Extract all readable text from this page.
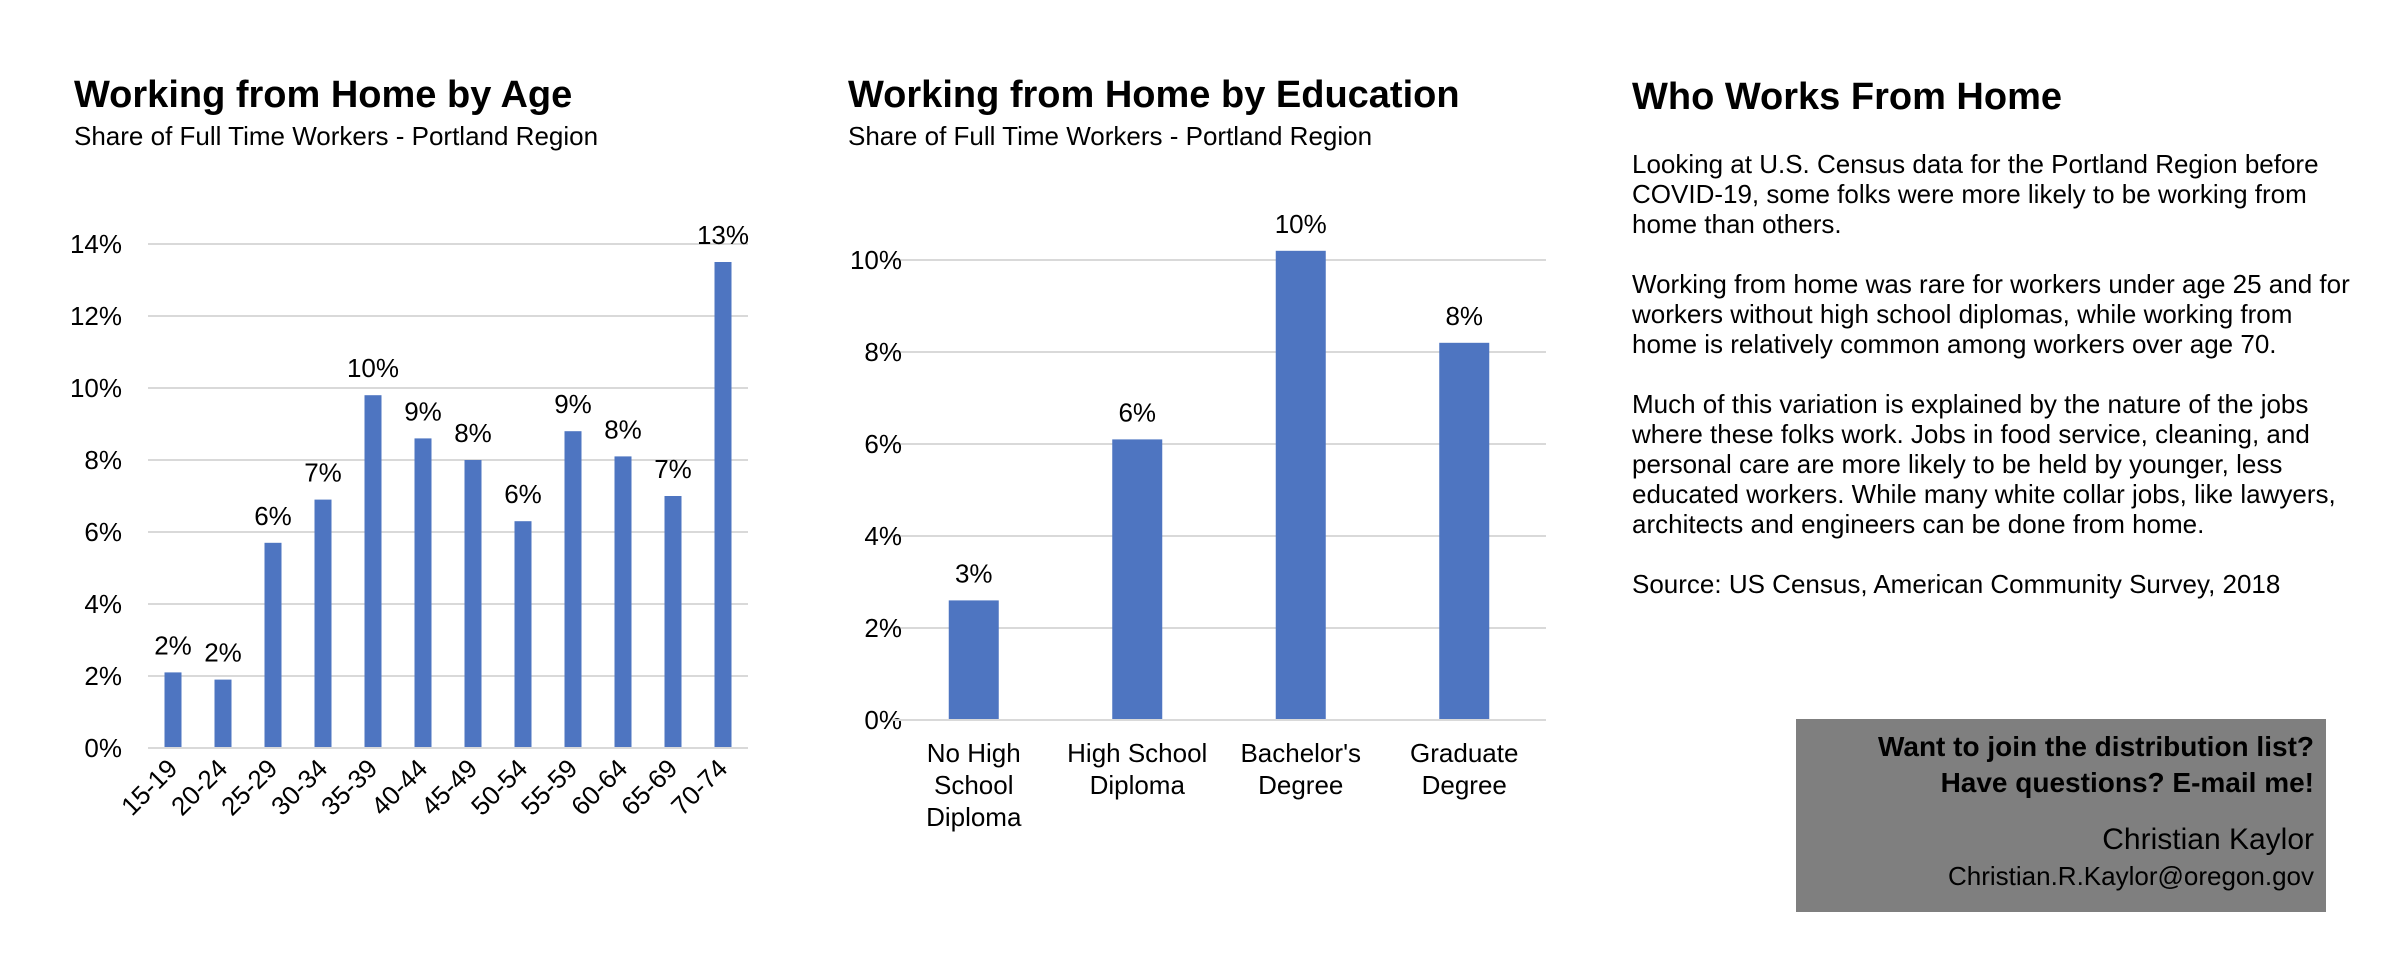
Working from Home by Age

Share of Full Time Workers - Portland Region

Working from Home by Education

Share of Full Time Workers - Portland Region

0%
2%
4%
6%
8%
10%
12%
14%
2%
15-19
2%
20-24
6%
25-29
7%
30-34
10%
35-39
9%
40-44
8%
45-49
6%
50-54
9%
55-59
8%
60-64
7%
65-69
13%
70-74
0%
2%
4%
6%
8%
10%
3%
No High School Diploma
6%
High School Diploma
10%
Bachelor's Degree
8%
Graduate Degree
Who Works From Home

Looking at U.S. Census data for the Portland Region before COVID-19, some folks were more likely to be working from home than others.

Working from home was rare for workers under age 25 and for workers without high school diplomas, while working from home is relatively common among workers over age 70.

Much of this variation is explained by the nature of the jobs where these folks work. Jobs in food service, cleaning, and personal care are more likely to be held by younger, less educated workers. While many white collar jobs, like lawyers, architects and engineers can be done from home.

Source: US Census, American Community Survey, 2018

Want to join the distribution list?

Have questions? E-mail me!

Christian Kaylor

Christian.R.Kaylor@oregon.gov
